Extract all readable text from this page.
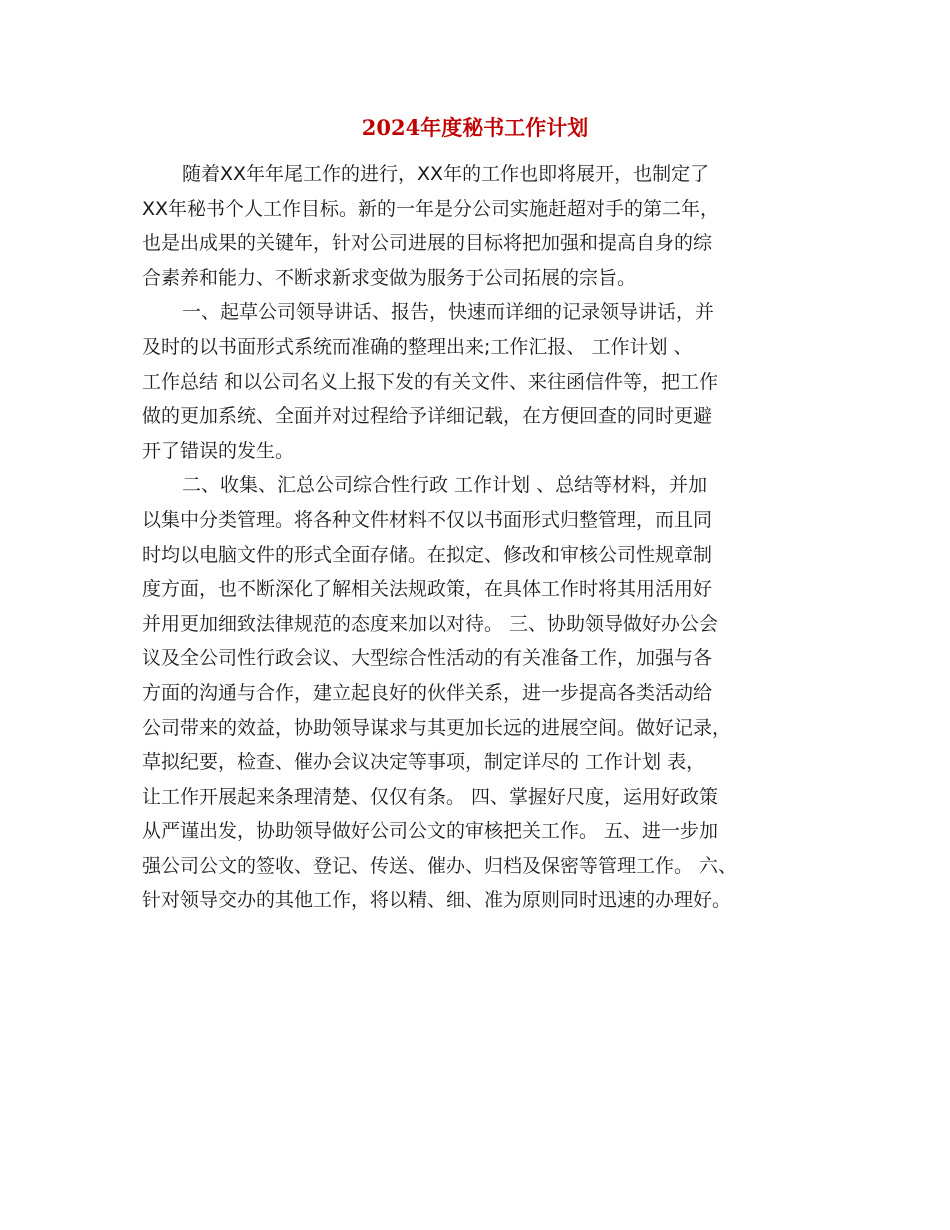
2024年度秘书工作计划
随着XX年年尾工作的进行，XX年的工作也即将展开，也制定了
XX年秘书个人工作目标。新的一年是分公司实施赶超对手的第二年，
也是出成果的关键年，针对公司进展的目标将把加强和提高自身的综
合素养和能力、不断求新求变做为服务于公司拓展的宗旨。
一、起草公司领导讲话、报告，快速而详细的记录领导讲话，并
及时的以书面形式系统而准确的整理出来;工作汇报、 工作计划 、
工作总结 和以公司名义上报下发的有关文件、来往函信件等，把工作
做的更加系统、全面并对过程给予详细记载，在方便回查的同时更避
开了错误的发生。
二、收集、汇总公司综合性行政 工作计划 、总结等材料，并加
以集中分类管理。将各种文件材料不仅以书面形式归整管理，而且同
时均以电脑文件的形式全面存储。在拟定、修改和审核公司性规章制
度方面，也不断深化了解相关法规政策，在具体工作时将其用活用好
并用更加细致法律规范的态度来加以对待。 三、协助领导做好办公会
议及全公司性行政会议、大型综合性活动的有关准备工作，加强与各
方面的沟通与合作，建立起良好的伙伴关系，进一步提高各类活动给
公司带来的效益，协助领导谋求与其更加长远的进展空间。做好记录，
草拟纪要，检查、催办会议决定等事项，制定详尽的 工作计划 表，
让工作开展起来条理清楚、仅仅有条。 四、掌握好尺度，运用好政策
从严谨出发，协助领导做好公司公文的审核把关工作。 五、进一步加
强公司公文的签收、登记、传送、催办、归档及保密等管理工作。 六、
针对领导交办的其他工作，将以精、细、准为原则同时迅速的办理好。
